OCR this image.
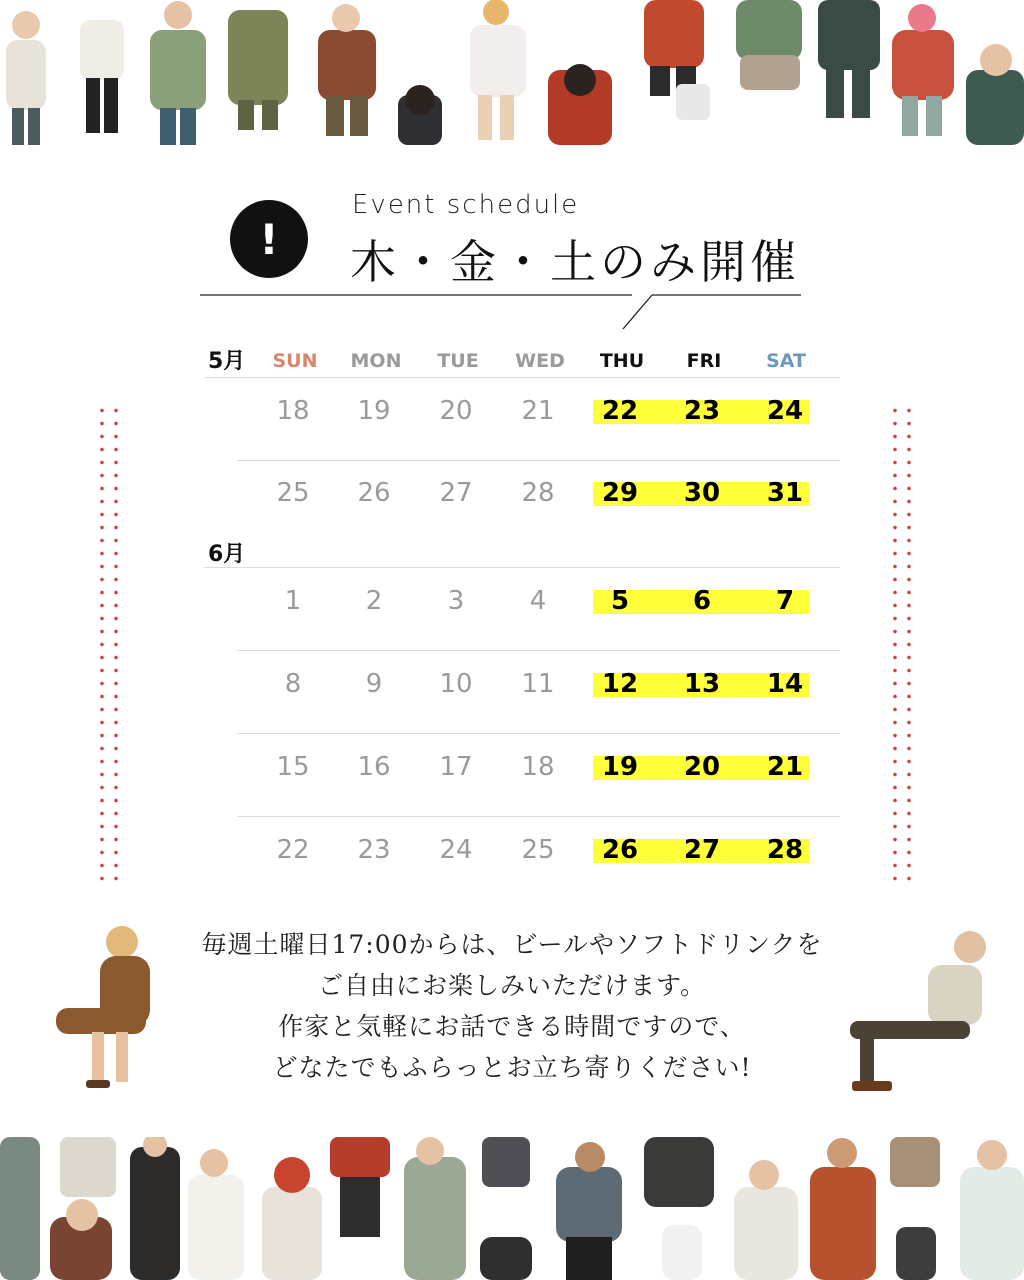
!
Event schedule
木・金・土のみ開催
5月
6月
SUN	MON	TUE	WED	THU	FRI	SAT
18	19	20	21	22	23	24
25	26	27	28	29	30	31
1	2	3	4	5	6	7
8	9	10	11	12	13	14
15	16	17	18	19	20	21
22	23	24	25	26	27	28
毎週土曜日17:00からは、ビールやソフトドリンクを
ご自由にお楽しみいただけます。
作家と気軽にお話できる時間ですので、
どなたでもふらっとお立ち寄りください!
